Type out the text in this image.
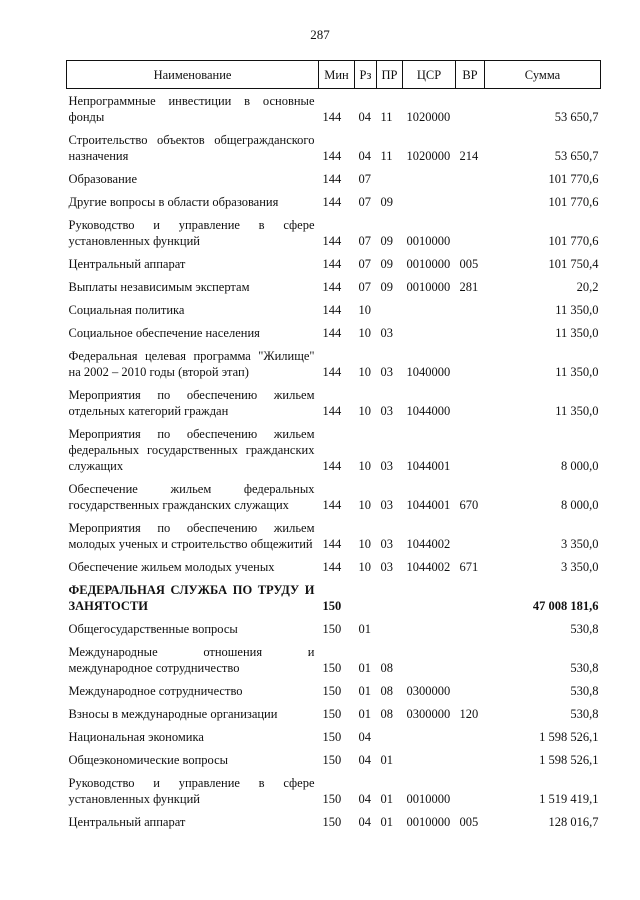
287
Наименование	Мин	Рз	ПР	ЦСР	ВР	Сумма
Непрограммные инвестиции в основные фонды	144	04	11	1020000		53 650,7
Строительство объектов общегражданского назначения	144	04	11	1020000	214	53 650,7
Образование	144	07				101 770,6
Другие вопросы в области образования	144	07	09			101 770,6
Руководство и управление в сфере установленных функций	144	07	09	0010000		101 770,6
Центральный аппарат	144	07	09	0010000	005	101 750,4
Выплаты независимым экспертам	144	07	09	0010000	281	20,2
Социальная политика	144	10				11 350,0
Социальное обеспечение населения	144	10	03			11 350,0
Федеральная целевая программа "Жилище" на 2002 – 2010 годы (второй этап)	144	10	03	1040000		11 350,0
Мероприятия по обеспечению жильем отдельных категорий граждан	144	10	03	1044000		11 350,0
Мероприятия по обеспечению жильем федеральных государственных гражданских служащих	144	10	03	1044001		8 000,0
Обеспечение жильем федеральных государственных гражданских служащих	144	10	03	1044001	670	8 000,0
Мероприятия по обеспечению жильем молодых ученых и строительство общежитий	144	10	03	1044002		3 350,0
Обеспечение жильем молодых ученых	144	10	03	1044002	671	3 350,0
ФЕДЕРАЛЬНАЯ СЛУЖБА ПО ТРУДУ И ЗАНЯТОСТИ	150					47 008 181,6
Общегосударственные вопросы	150	01				530,8
Международные отношения и международное сотрудничество	150	01	08			530,8
Международное сотрудничество	150	01	08	0300000		530,8
Взносы в международные организации	150	01	08	0300000	120	530,8
Национальная экономика	150	04				1 598 526,1
Общеэкономические вопросы	150	04	01			1 598 526,1
Руководство и управление в сфере установленных функций	150	04	01	0010000		1 519 419,1
Центральный аппарат	150	04	01	0010000	005	128 016,7
